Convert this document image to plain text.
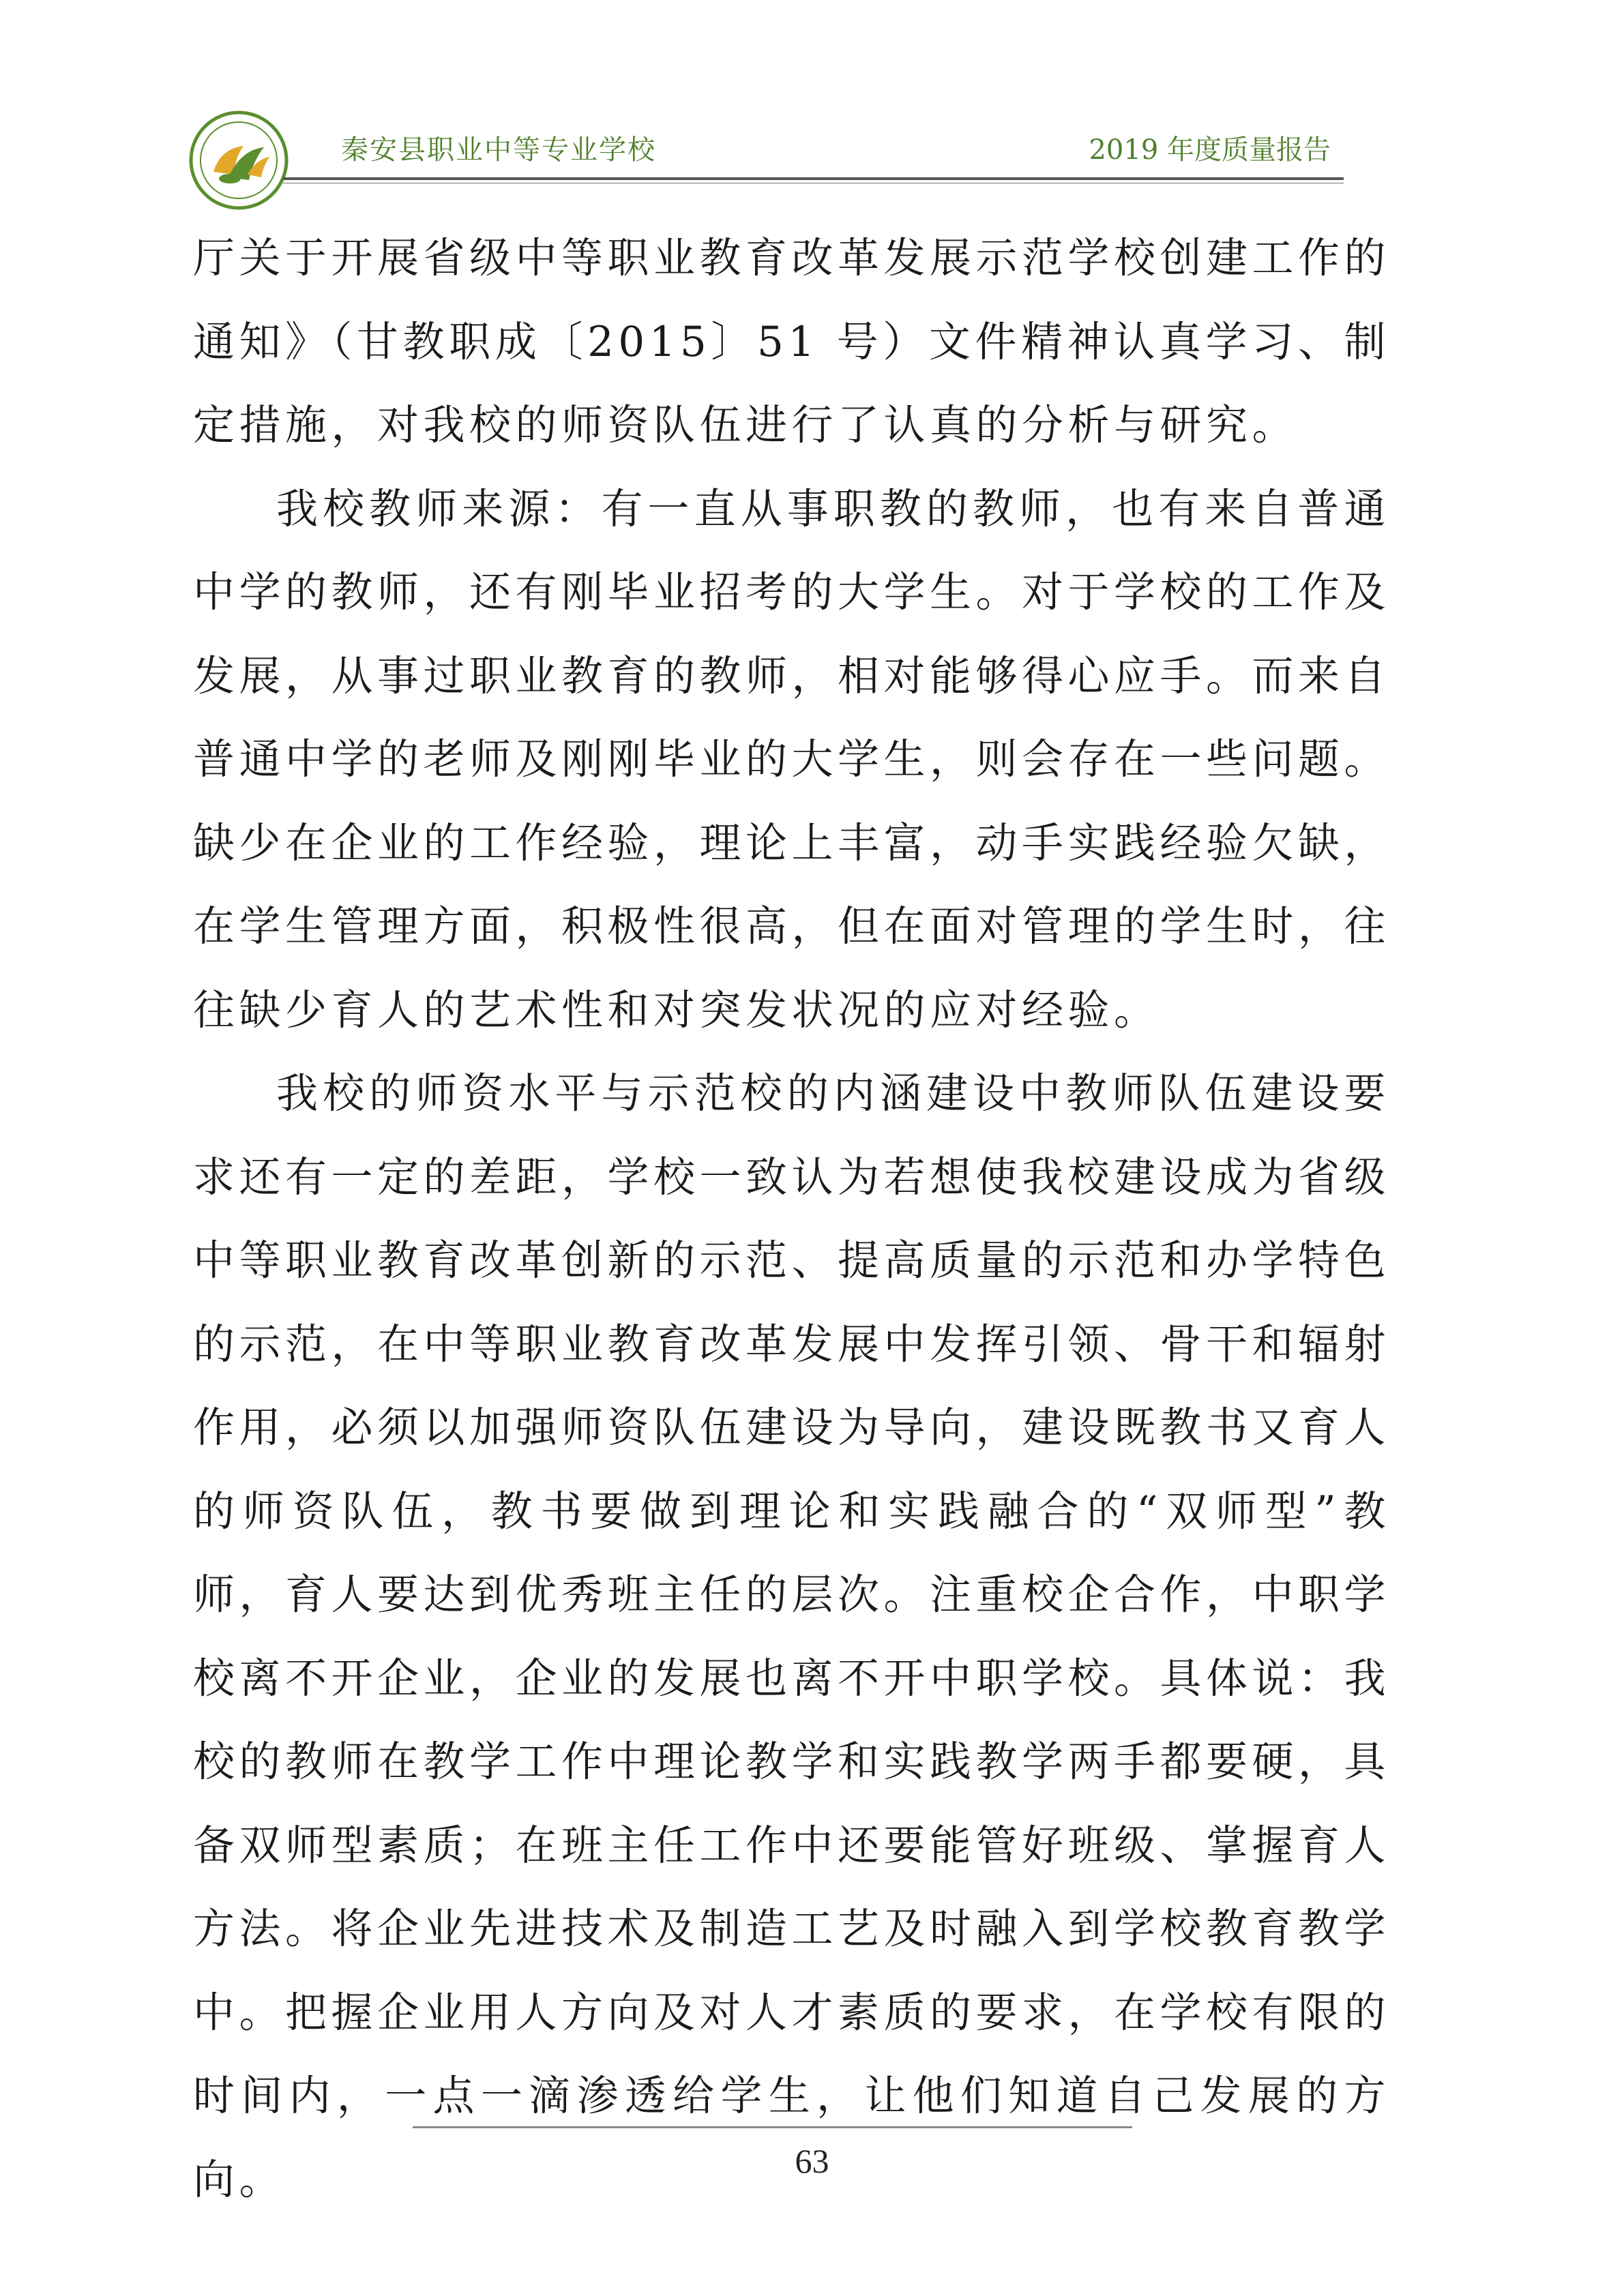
秦安县职业中等专业学校	2019 年度质量报告

厅关于开展省级中等职业教育改革发展示范学校创建工作的通知》（甘教职成〔2015〕51 号）文件精神认真学习、制定措施，对我校的师资队伍进行了认真的分析与研究。

我校教师来源：有一直从事职教的教师，也有来自普通中学的教师，还有刚毕业招考的大学生。对于学校的工作及发展，从事过职业教育的教师，相对能够得心应手。而来自普通中学的老师及刚刚毕业的大学生，则会存在一些问题。缺少在企业的工作经验，理论上丰富，动手实践经验欠缺，在学生管理方面，积极性很高，但在面对管理的学生时，往往缺少育人的艺术性和对突发状况的应对经验。

我校的师资水平与示范校的内涵建设中教师队伍建设要求还有一定的差距，学校一致认为若想使我校建设成为省级中等职业教育改革创新的示范、提高质量的示范和办学特色的示范，在中等职业教育改革发展中发挥引领、骨干和辐射作用，必须以加强师资队伍建设为导向，建设既教书又育人的师资队伍，教书要做到理论和实践融合的“双师型”教师，育人要达到优秀班主任的层次。注重校企合作，中职学校离不开企业，企业的发展也离不开中职学校。具体说：我校的教师在教学工作中理论教学和实践教学两手都要硬，具备双师型素质；在班主任工作中还要能管好班级、掌握育人方法。将企业先进技术及制造工艺及时融入到学校教育教学中。把握企业用人方向及对人才素质的要求，在学校有限的时间内，一点一滴渗透给学生，让他们知道自己发展的方向。	63
